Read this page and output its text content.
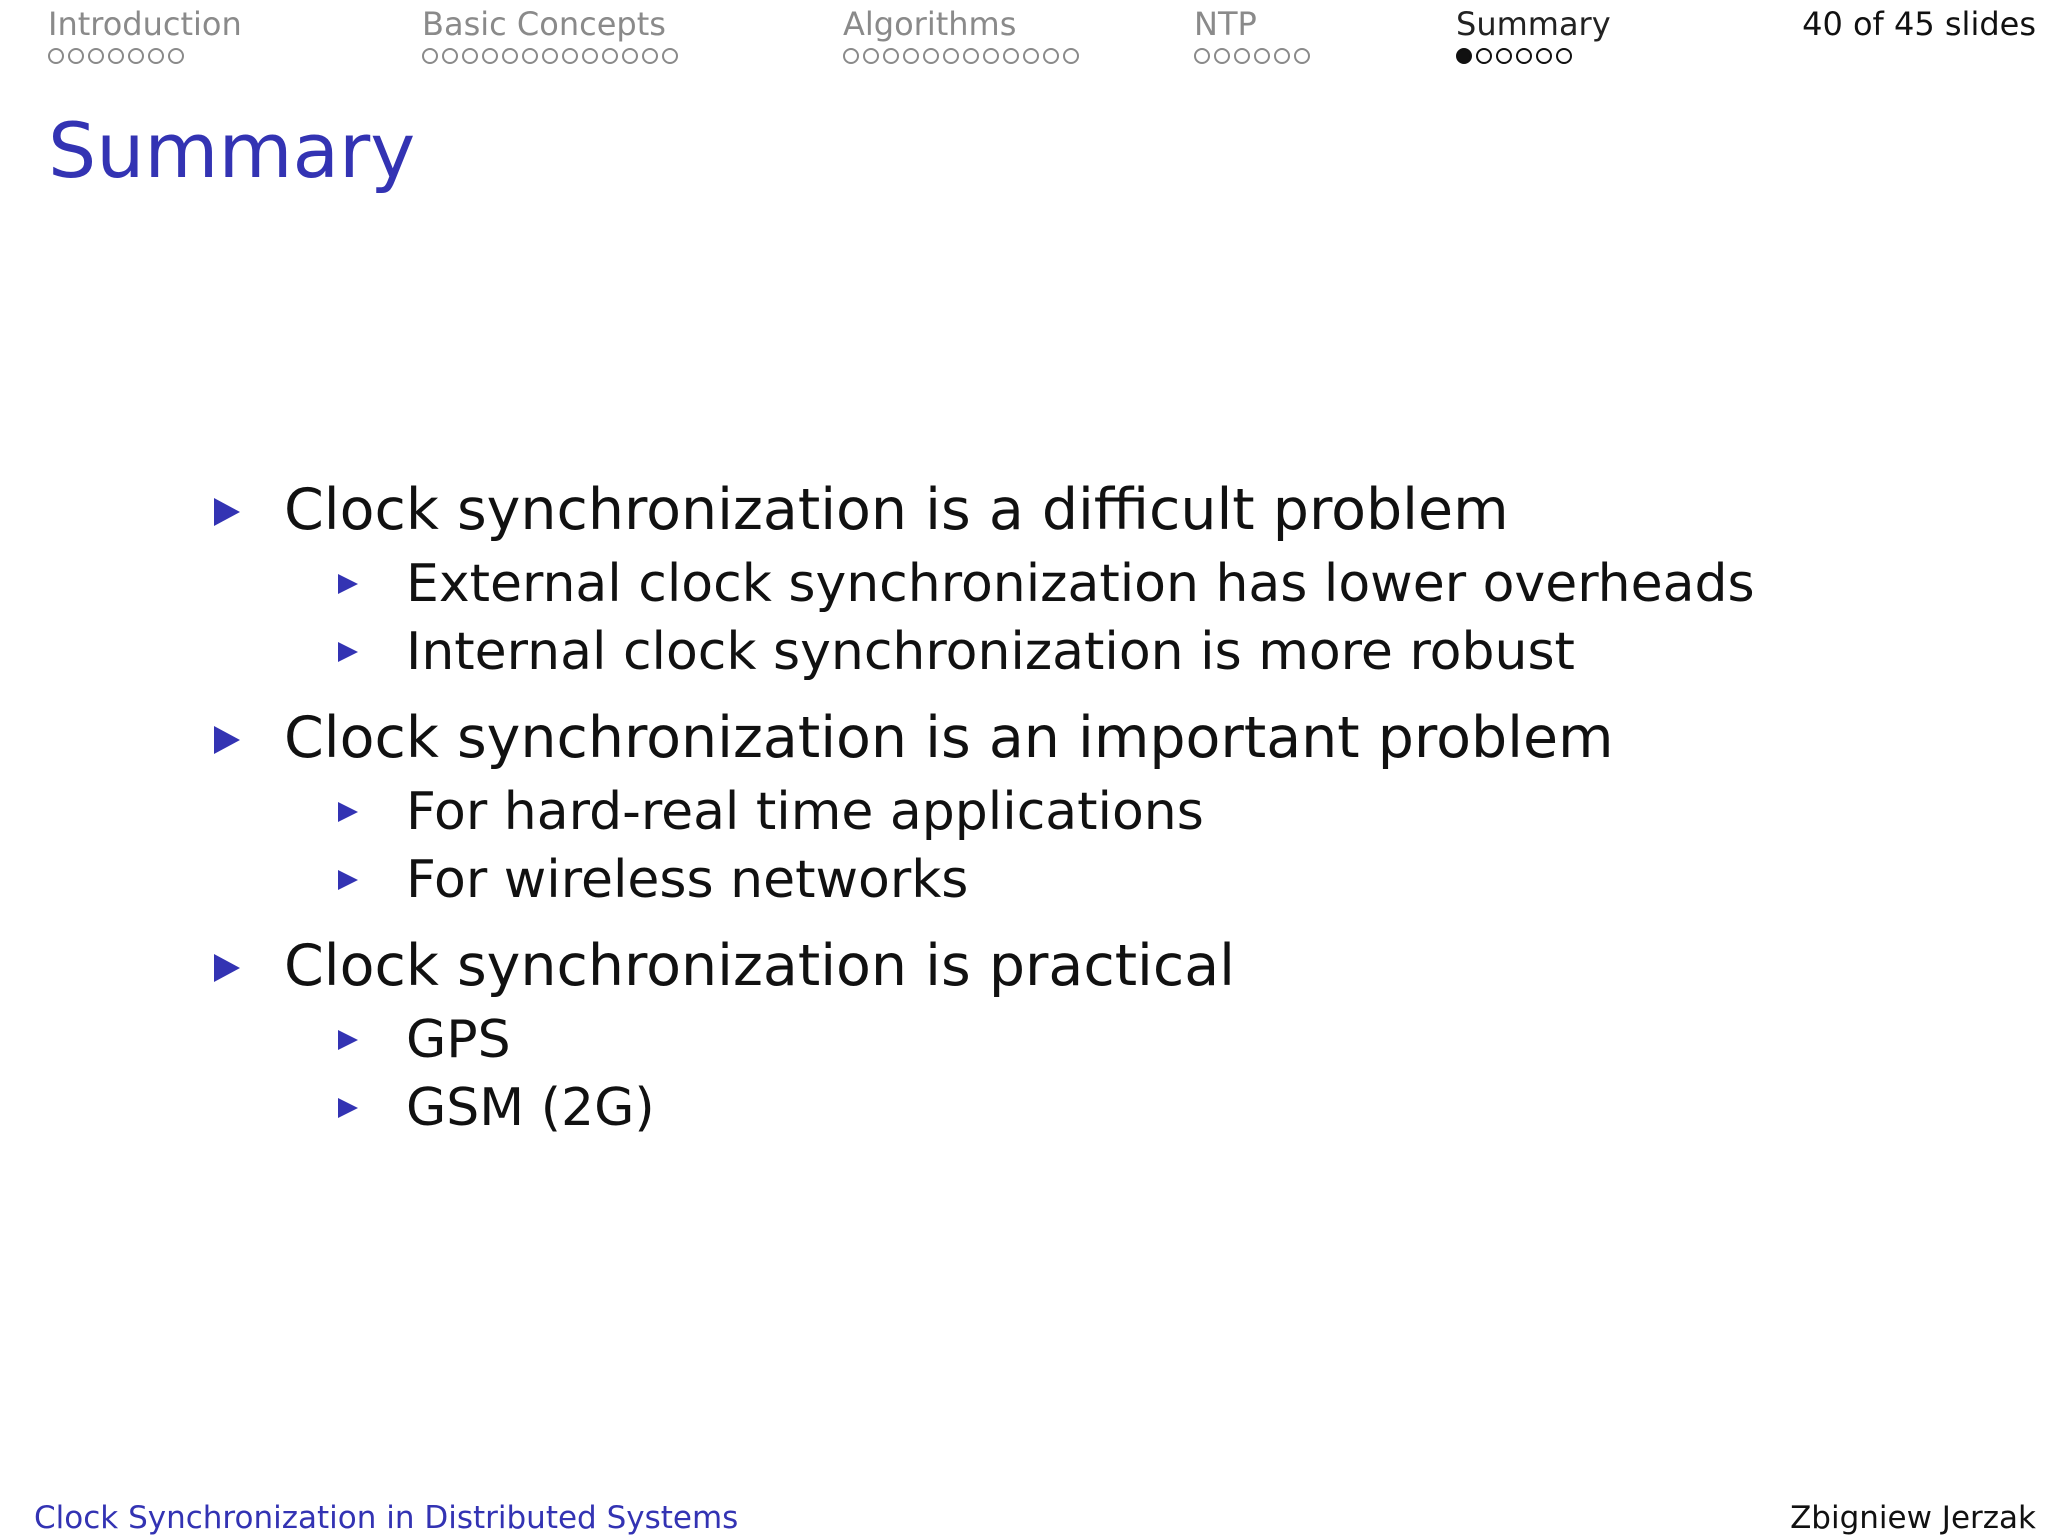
Introduction	Basic Concepts	Algorithms	NTP	Summary	40 of 45 slides
Summary
Clock synchronization is a difficult problem
External clock synchronization has lower overheads
Internal clock synchronization is more robust
Clock synchronization is an important problem
For hard-real time applications
For wireless networks
Clock synchronization is practical
GPS
GSM (2G)
Clock Synchronization in Distributed Systems	Zbigniew Jerzak
